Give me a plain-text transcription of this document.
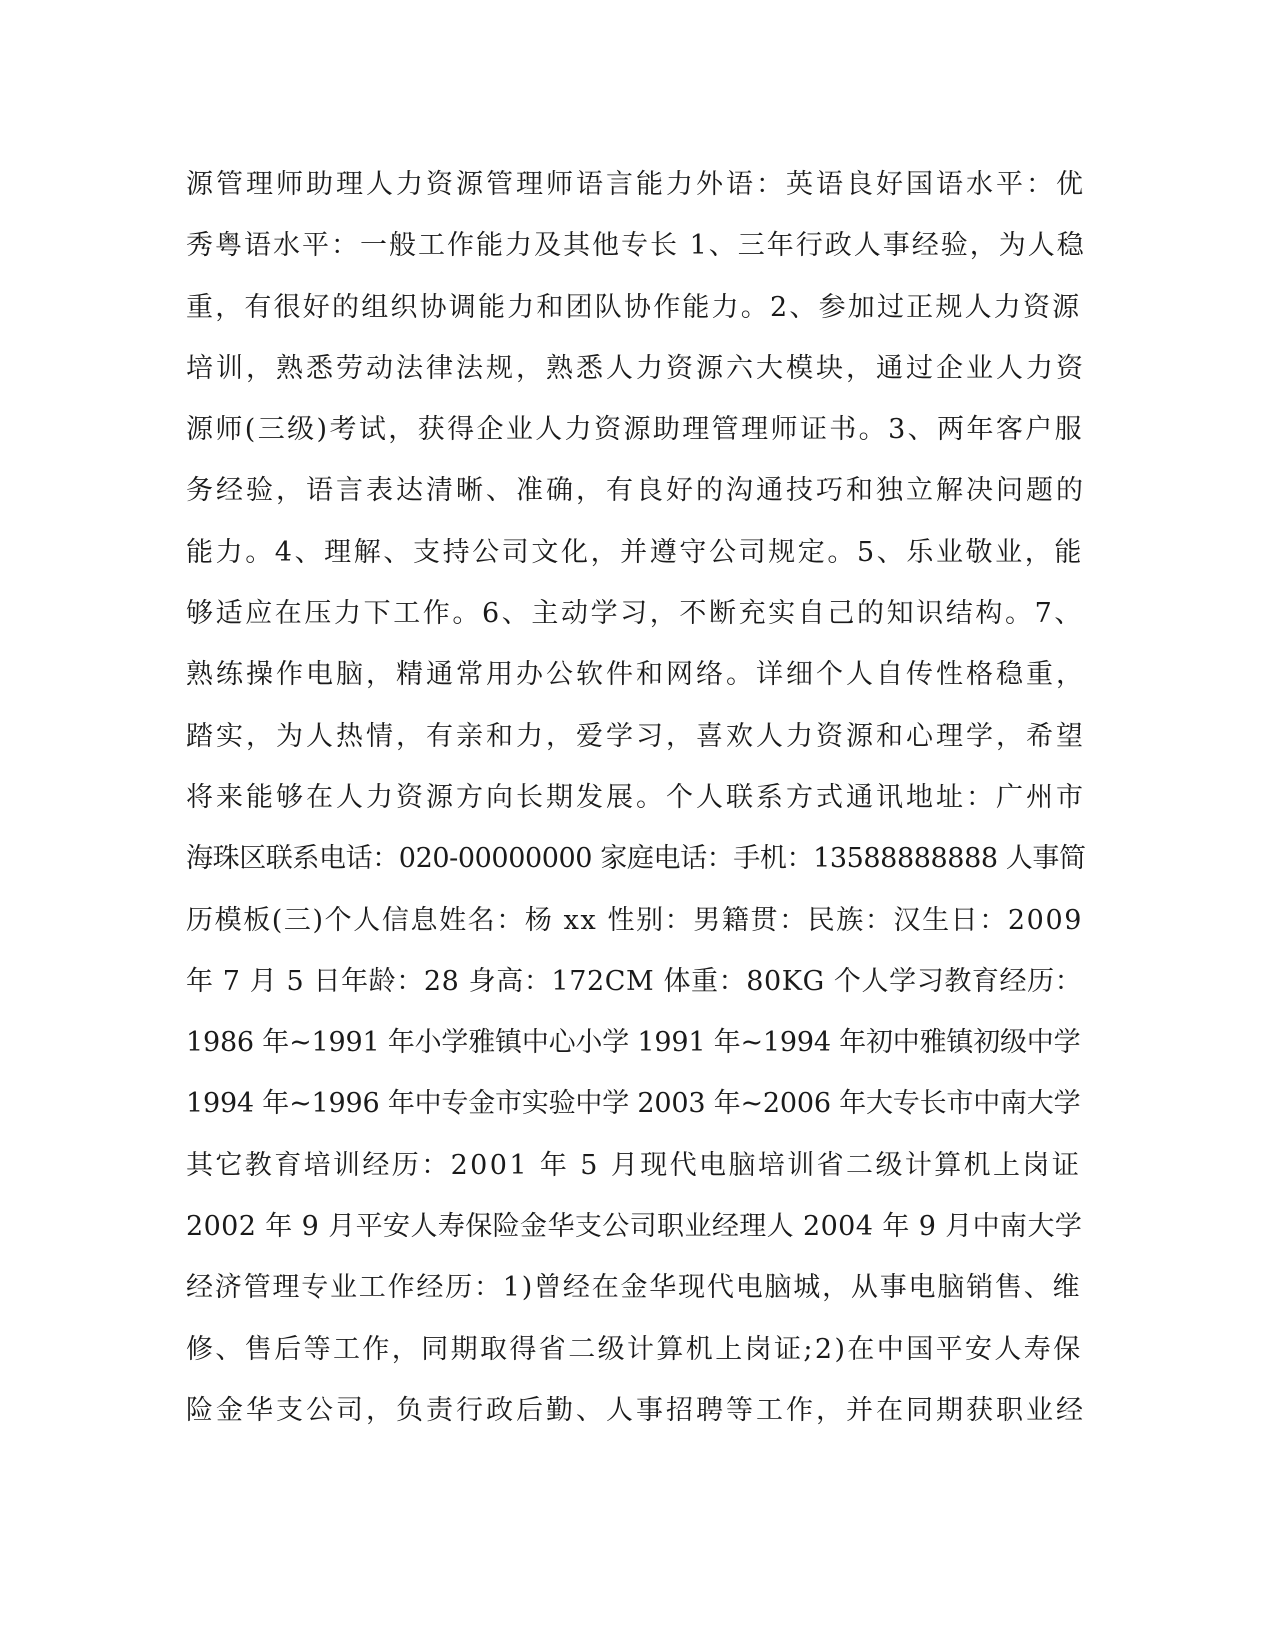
源管理师助理人力资源管理师语言能力外语：英语良好国语水平：优
秀粤语水平：一般工作能力及其他专长 1、三年行政人事经验，为人稳
重，有很好的组织协调能力和团队协作能力。2、参加过正规人力资源
培训，熟悉劳动法律法规，熟悉人力资源六大模块，通过企业人力资
源师(三级)考试，获得企业人力资源助理管理师证书。3、两年客户服
务经验，语言表达清晰、准确，有良好的沟通技巧和独立解决问题的
能力。4、理解、支持公司文化，并遵守公司规定。5、乐业敬业，能
够适应在压力下工作。6、主动学习，不断充实自己的知识结构。7、
熟练操作电脑，精通常用办公软件和网络。详细个人自传性格稳重，
踏实，为人热情，有亲和力，爱学习，喜欢人力资源和心理学，希望
将来能够在人力资源方向长期发展。个人联系方式通讯地址：广州市
海珠区联系电话：020-00000000 家庭电话：手机：13588888888 人事简
历模板(三)个人信息姓名：杨 xx 性别：男籍贯：民族：汉生日：2009
年 7 月 5 日年龄：28 身高：172CM 体重：80KG 个人学习教育经历：
1986 年~1991 年小学雅镇中心小学 1991 年~1994 年初中雅镇初级中学
1994 年~1996 年中专金市实验中学 2003 年~2006 年大专长市中南大学
其它教育培训经历：2001 年 5 月现代电脑培训省二级计算机上岗证
2002 年 9 月平安人寿保险金华支公司职业经理人 2004 年 9 月中南大学
经济管理专业工作经历：1)曾经在金华现代电脑城，从事电脑销售、维
修、售后等工作，同期取得省二级计算机上岗证;2)在中国平安人寿保
险金华支公司，负责行政后勤、人事招聘等工作，并在同期获职业经
